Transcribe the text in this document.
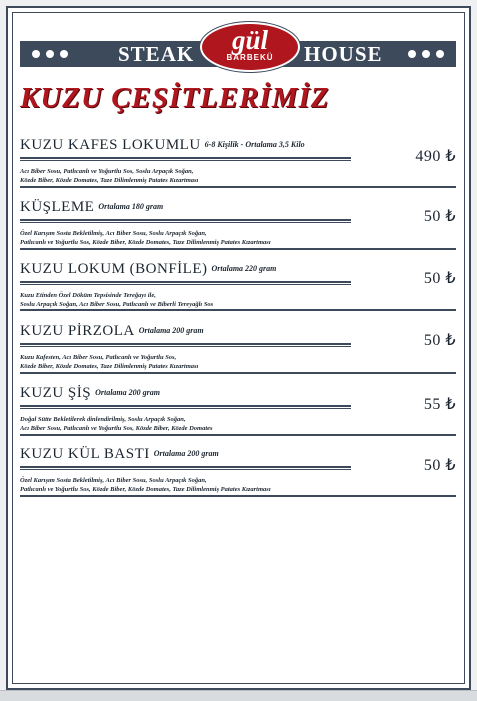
STEAK	HOUSE
gül
BARBEKÜ
KUZU ÇEŞİTLERİMİZ
KUZU KAFES LOKUMLU 6-8 Kişilik - Ortalama 3,5 Kilo
Acı Biber Sosu, Patlıcanlı ve Yoğurtlu Sos, Soslu Arpaçık Soğan,
Közde Biber, Közde Domates, Taze Dilimlenmiş Patates Kızartması
490 ₺
KÜŞLEME Ortalama 180 gram
Özel Karışım Sosta Bekletilmiş, Acı Biber Sosu, Soslu Arpaçık Soğan,
Patlıcanlı ve Yoğurtlu Sos, Közde Biber, Közde Domates, Taze Dilimlenmiş Patates Kızartması
50 ₺
KUZU LOKUM (BONFİLE) Ortalama 220 gram
Kuzu Etinden Özel Döküm Tepsisinde Tereğayı ile,
Soslu Arpaçık Soğan, Acı Biber Sosu, Patlıcanlı ve Biberli Tereyağlı Sos
50 ₺
KUZU PİRZOLA Ortalama 200 gram
Kuzu Kafesten, Acı Biber Sosu, Patlıcanlı ve Yoğurtlu Sos,
Közde Biber, Közde Domates, Taze Dilimlenmiş Patates Kızartması
50 ₺
KUZU ŞİŞ Ortalama 200 gram
Doğal Sütte Bekletilerek dinlendirilmiş, Soslu Arpaçık Soğan,
Acı Biber Sosu, Patlıcanlı ve Yoğurtlu Sos, Közde Biber, Közde Domates
55 ₺
KUZU KÜL BASTI Ortalama 200 gram
Özel Karışım Sosta Bekletilmiş, Acı Biber Sosu, Soslu Arpaçık Soğan,
Patlıcanlı ve Yoğurtlu Sos, Közde Biber, Közde Domates, Taze Dilimlenmiş Patates Kızartması
50 ₺
